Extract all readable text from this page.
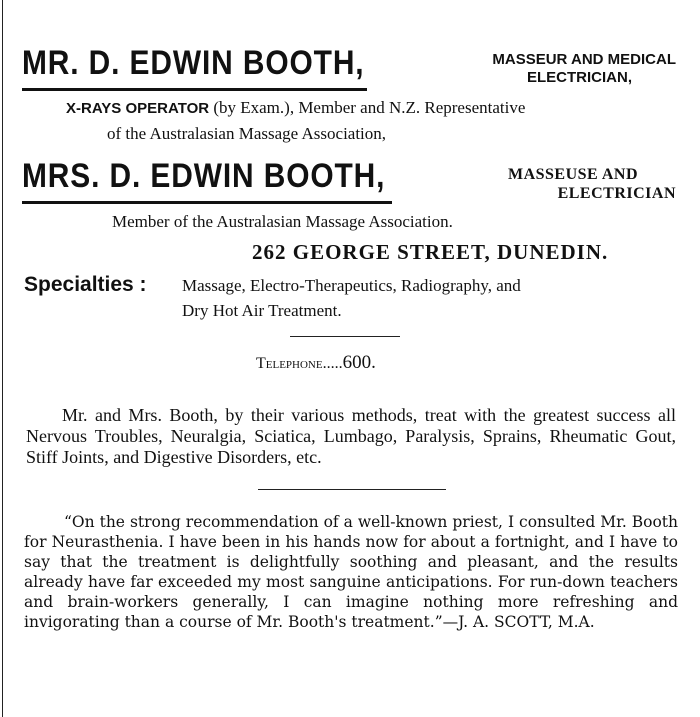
MR. D. EDWIN BOOTH,	MASSEUR AND MEDICAL
ELECTRICIAN,
X-RAYS OPERATOR (by Exam.), Member and N.Z. Representative
of the Australasian Massage Association,
MRS. D. EDWIN BOOTH,	MASSEUSE AND
ELECTRICIAN
Member of the Australasian Massage Association.
262 GEORGE STREET, DUNEDIN.
Specialties : Massage, Electro-Therapeutics, Radiography, and
Dry Hot Air Treatment.
Telephone.....600.
Mr. and Mrs. Booth, by their various methods, treat with the greatest success all Nervous Troubles, Neuralgia, Sciatica, Lumbago, Paralysis, Sprains, Rheumatic Gout, Stiff Joints, and Digestive Disorders, etc.
“On the strong recommendation of a well-known priest, I consulted Mr. Booth for Neurasthenia. I have been in his hands now for about a fortnight, and I have to say that the treatment is delightfully soothing and pleasant, and the results already have far exceeded my most sanguine anticipations. For run-down teachers and brain-workers generally, I can imagine nothing more refreshing and invigorating than a course of Mr. Booth's treatment.”—J. A. SCOTT, M.A.
